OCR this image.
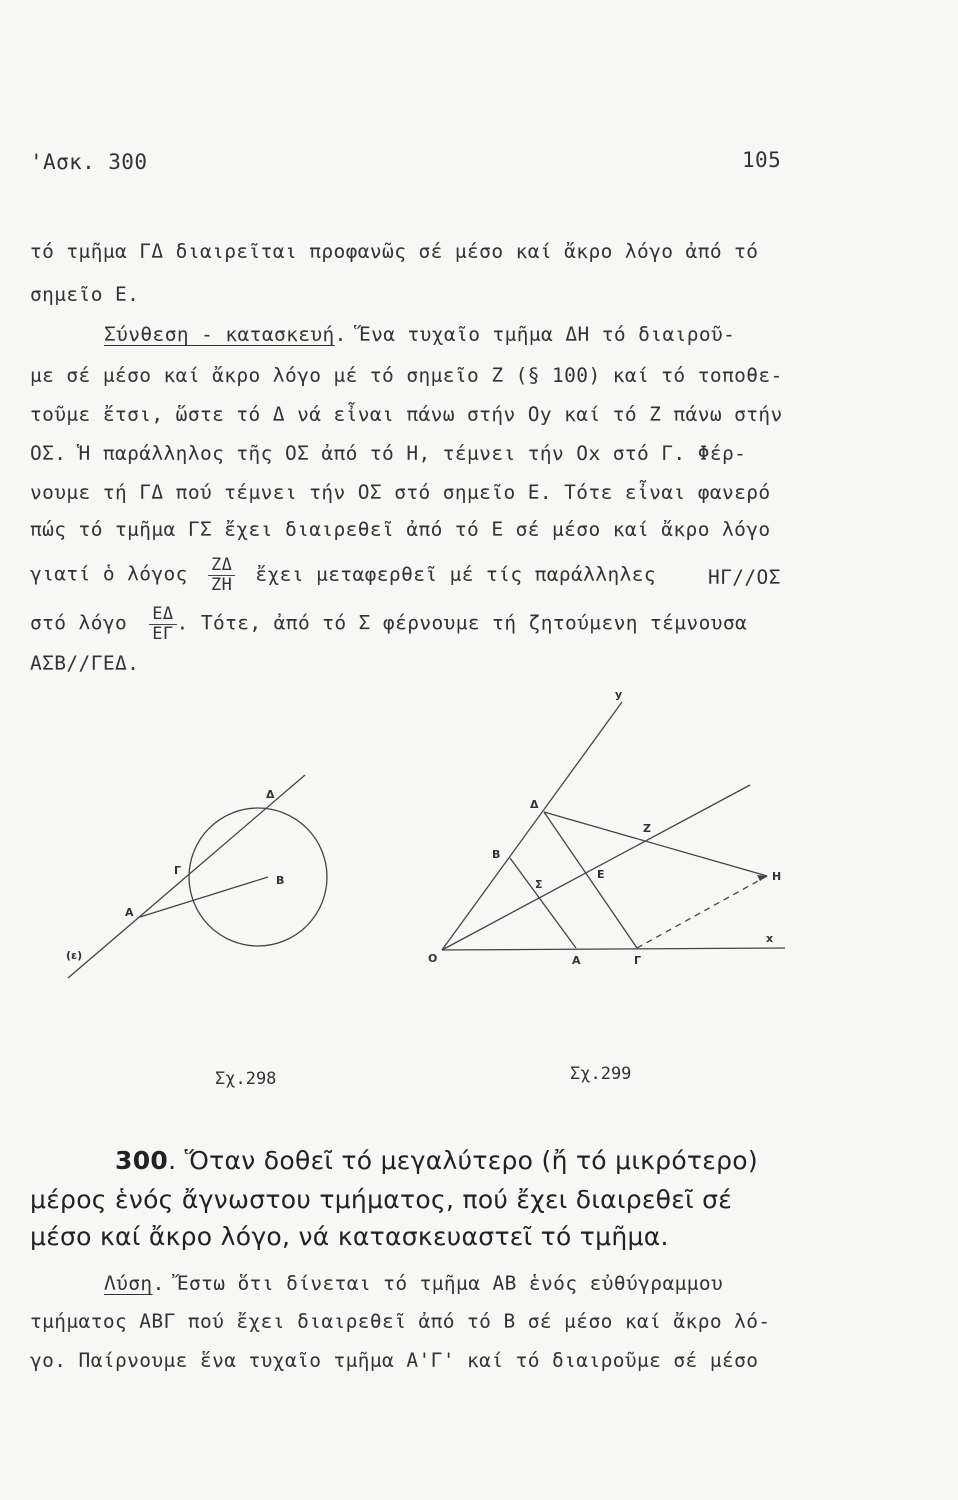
'Ασκ. 300	105
τό τμῆμα ΓΔ διαιρεῖται προφανῶς σέ μέσο καί ἄκρο λόγο ἀπό τό
σημεῖο Ε.
Σύνθεση - κατασκευή. Ἕνα τυχαῖο τμῆμα ΔΗ τό διαιροῦ-
με σέ μέσο καί ἄκρο λόγο μέ τό σημεῖο Ζ (§ 100) καί τό τοποθε-
τοῦμε ἔτσι, ὥστε τό Δ νά εἶναι πάνω στήν Oy καί τό Ζ πάνω στήν
ΟΣ. Ἡ παράλληλος τῆς ΟΣ ἀπό τό Η, τέμνει τήν Ox στό Γ. Φέρ-
νουμε τή ΓΔ πού τέμνει τήν ΟΣ στό σημεῖο Ε. Τότε εἶναι φανερό
πώς τό τμῆμα ΓΣ ἔχει διαιρεθεῖ ἀπό τό Ε σέ μέσο καί ἄκρο λόγο
γιατί ὁ λόγος $\frac{Z\Delta}{ZH}$ ἔχει μεταφερθεῖ μέ τίς παράλληλες	ΗΓ//ΟΣ
στό λόγο $\frac{E\Delta}{E\Gamma}$ . Τότε, ἀπό τό Σ φέρνουμε τή ζητούμενη τέμνουσα
ΑΣΒ//ΓΕΔ.
Δ
Γ
Β
Α
(ε)
Σχ.298
y
Δ
Ζ
Β
Σ
Ε	Η
O	Α	Γ
x
Σχ.299
300. Ὅταν δοθεῖ τό μεγαλύτερο (ἤ τό μικρότερο)
μέρος ἑνός ἄγνωστου τμήματος, πού ἔχει διαιρεθεῖ σέ
μέσο καί ἄκρο λόγο, νά κατασκευαστεῖ τό τμῆμα.
Λύση. Ἔστω ὅτι δίνεται τό τμῆμα ΑΒ ἑνός εὐθύγραμμου
τμήματος ΑΒΓ πού ἔχει διαιρεθεῖ ἀπό τό Β σέ μέσο καί ἄκρο λό-
γο. Παίρνουμε ἕνα τυχαῖο τμῆμα Α'Γ' καί τό διαιροῦμε σέ μέσο
